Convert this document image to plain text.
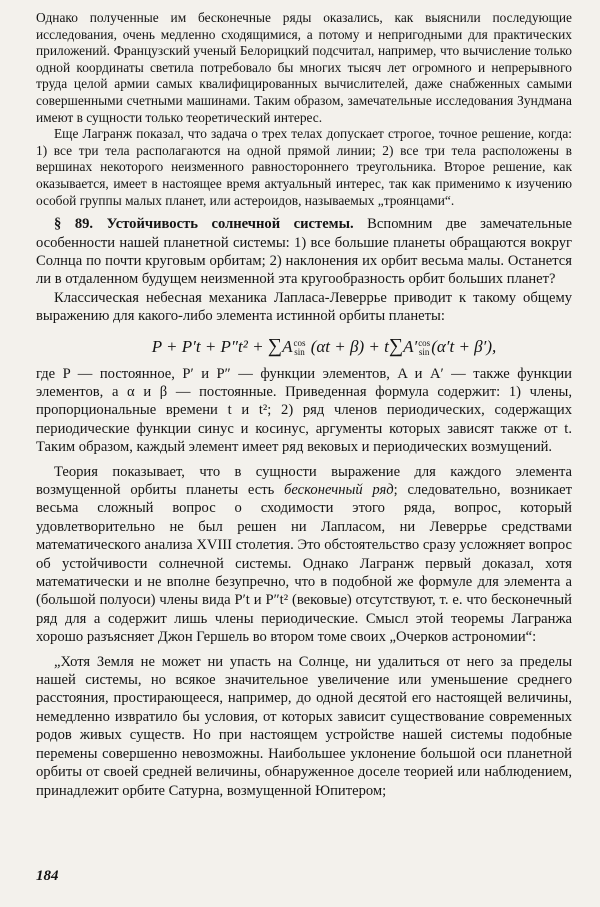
Однако полученные им бесконечные ряды оказались, как выяснили последующие исследования, очень медленно сходящимися, а потому и непригодными для практических приложений. Французский ученый Белорицкий подсчитал, например, что вычисление только одной координаты светила потребовало бы многих тысяч лет огромного и непрерывного труда целой армии самых квалифицированных вычислителей, даже снабженных самыми совершенными счетными машинами. Таким образом, замечательные исследования Зундмана имеют в сущности только теоретический интерес.

Еще Лагранж показал, что задача о трех телах допускает строгое, точное решение, когда: 1) все три тела располагаются на одной прямой линии; 2) все три тела расположены в вершинах некоторого неизменного равностороннего треугольника. Второе решение, как оказывается, имеет в настоящее время актуальный интерес, так как применимо к изучению особой группы малых планет, или астероидов, называемых „троянцами“.

§ 89. Устойчивость солнечной системы. Вспомним две замечательные особенности нашей планетной системы: 1) все большие планеты обращаются вокруг Солнца по почти круговым орбитам; 2) наклонения их орбит весьма малы. Останется ли в отдаленном будущем неизменной эта кругообразность орбит больших планет?

Классическая небесная механика Лапласа-Леверрье приводит к такому общему выражению для какого-либо элемента истинной орбиты планеты:

P + P′t + P″t² + ∑A cos
sin (αt + β) + t∑A′ cos
sin (α′t + β′),

где P — постоянное, P′ и P″ — функции элементов, A и A′ — также функции элементов, а α и β — постоянные. Приведенная формула содержит: 1) члены, пропорциональные времени t и t²; 2) ряд членов периодических, содержащих периодические функции синус и косинус, аргументы которых зависят также от t. Таким образом, каждый элемент имеет ряд вековых и периодических возмущений.

Теория показывает, что в сущности выражение для каждого элемента возмущенной орбиты планеты есть бесконечный ряд; следовательно, возникает весьма сложный вопрос о сходимости этого ряда, вопрос, который удовлетворительно не был решен ни Лапласом, ни Леверрье средствами математического анализа XVIII столетия. Это обстоятельство сразу усложняет вопрос об устойчивости солнечной системы. Однако Лагранж первый доказал, хотя математически и не вполне безупречно, что в подобной же формуле для элемента a (большой полуоси) члены вида P′t и P″t² (вековые) отсутствуют, т. е. что бесконечный ряд для a содержит лишь члены периодические. Смысл этой теоремы Лагранжа хорошо разъясняет Джон Гершель во втором томе своих „Очерков астрономии“:

„Хотя Земля не может ни упасть на Солнце, ни удалиться от него за пределы нашей системы, но всякое значительное увеличение или уменьшение среднего расстояния, простирающееся, например, до одной десятой его настоящей величины, немедленно извратило бы условия, от которых зависит существование современных родов живых существ. Но при настоящем устройстве нашей системы подобные перемены совершенно невозможны. Наибольшее уклонение большой оси планетной орбиты от своей средней величины, обнаруженное доселе теорией или наблюдением, принадлежит орбите Сатурна, возмущенной Юпитером;

184
